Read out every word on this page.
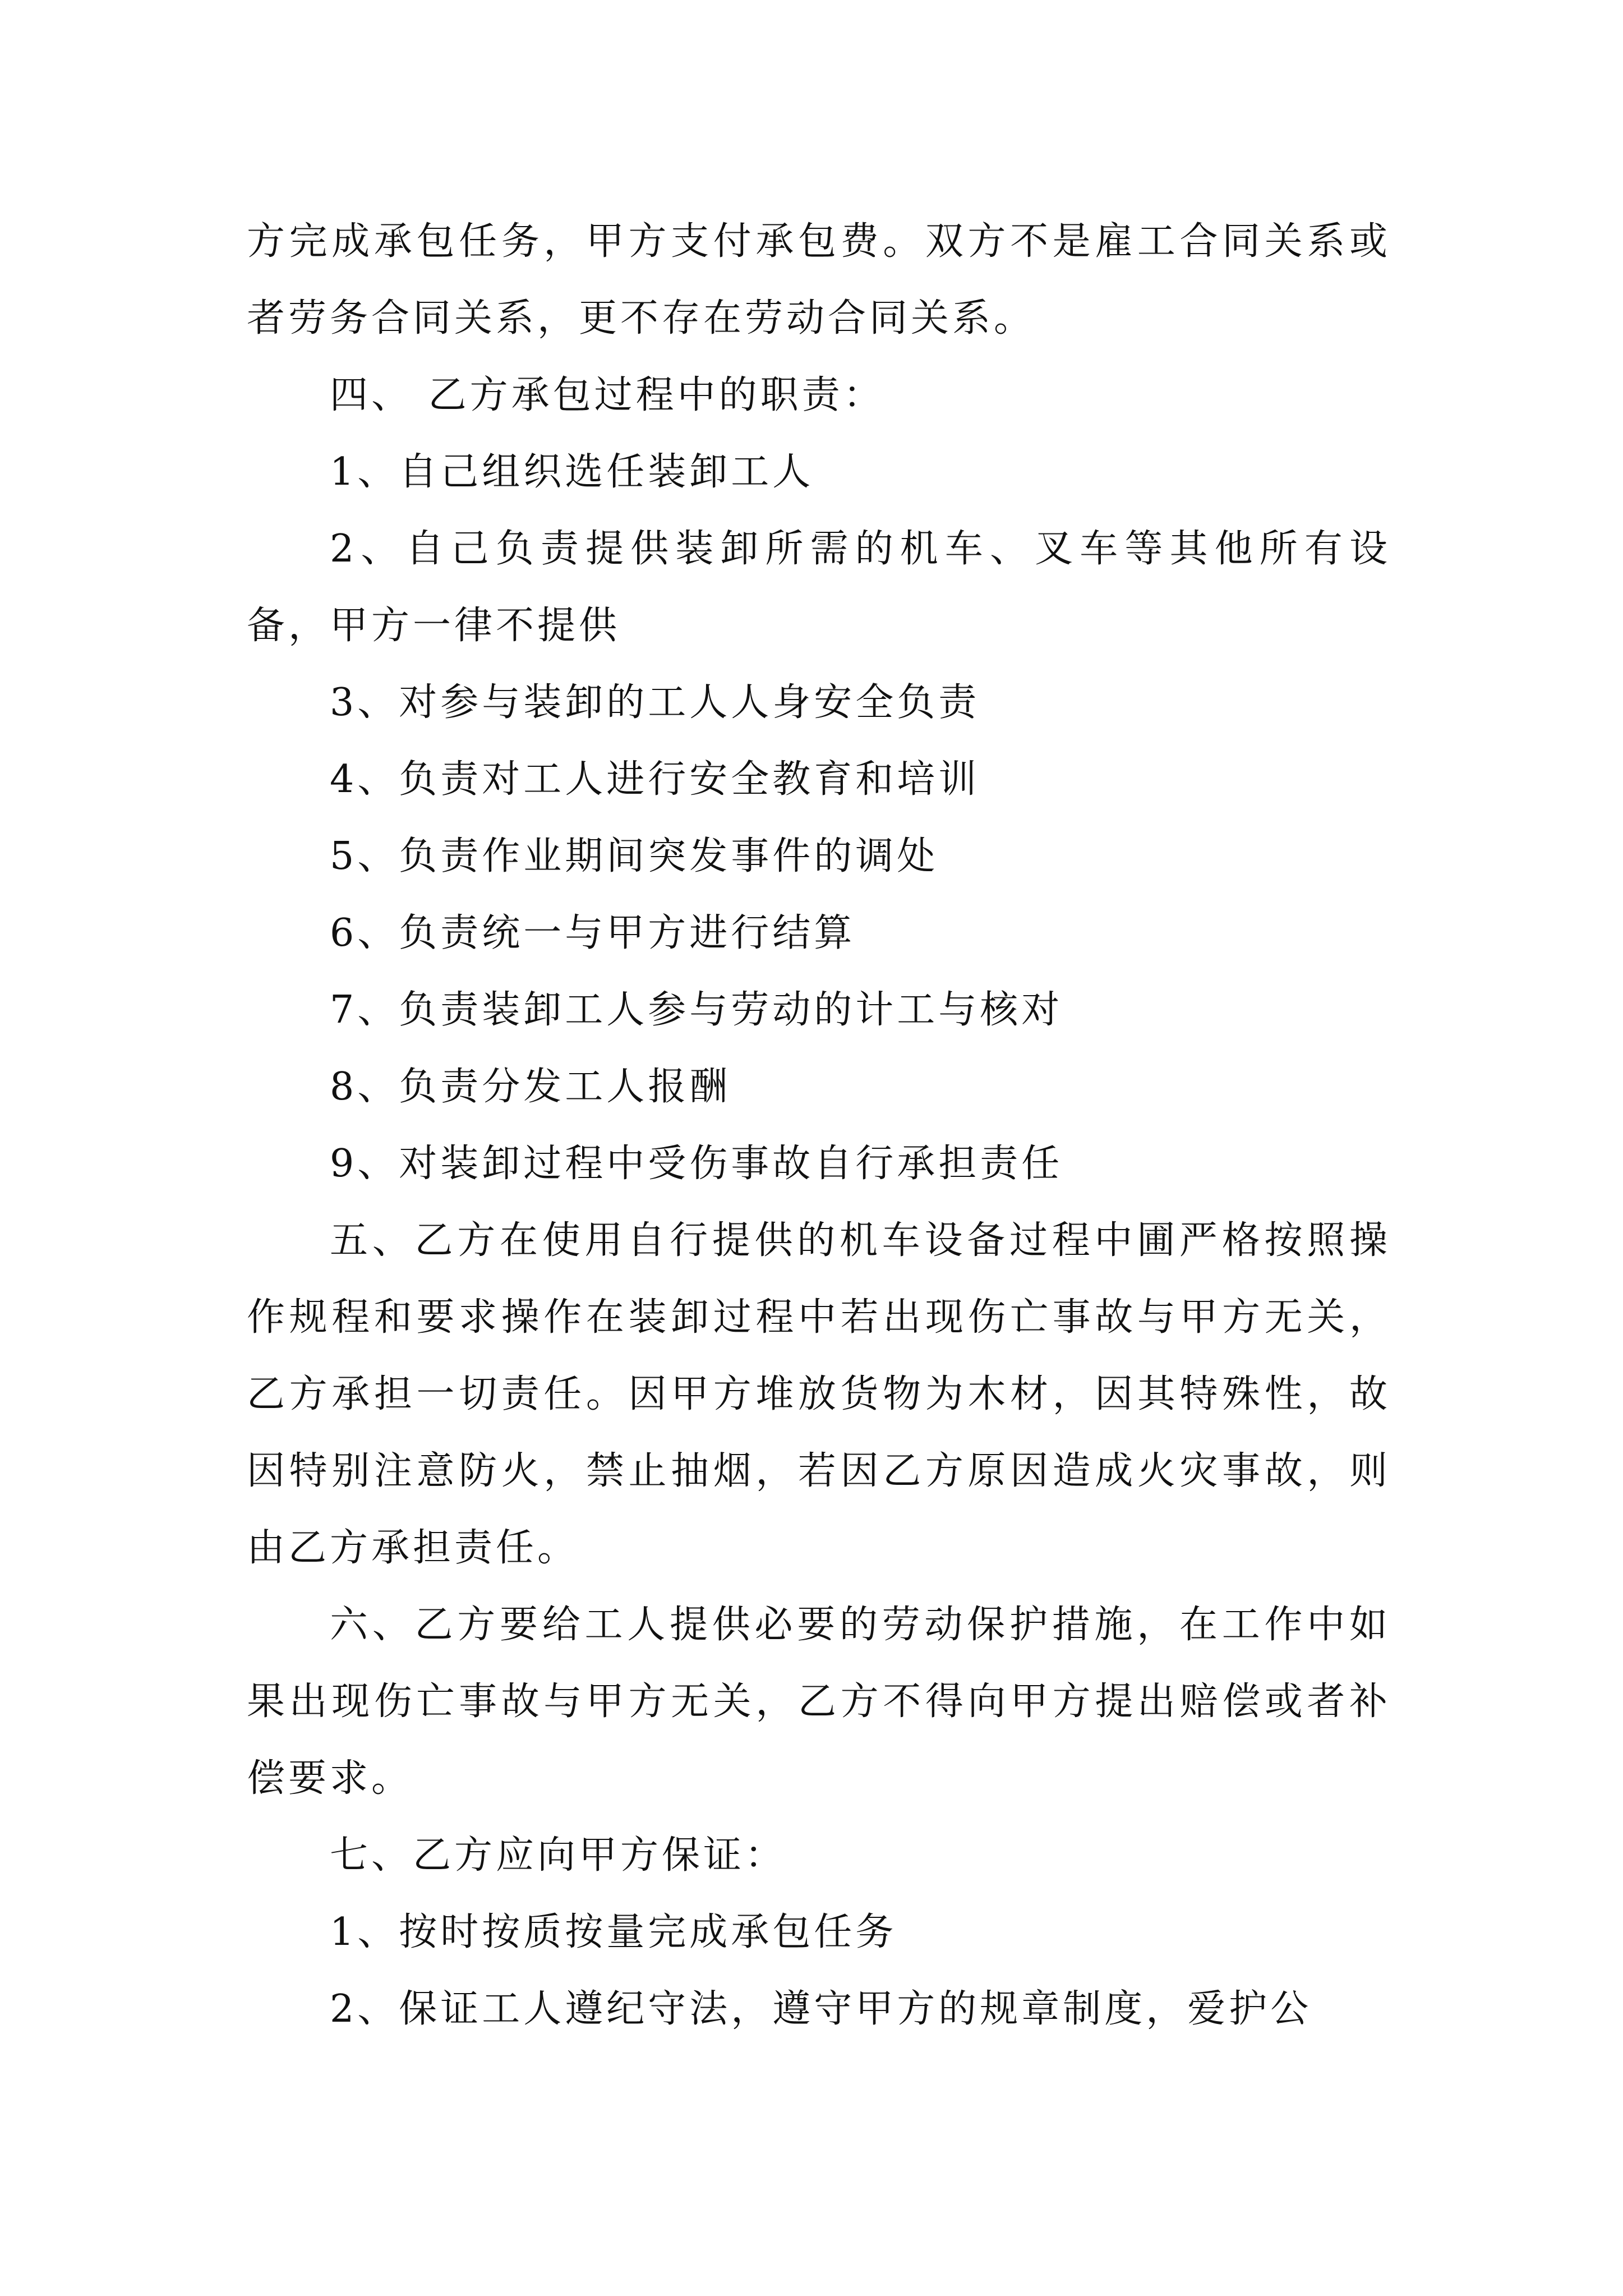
方完成承包任务，甲方支付承包费。双方不是雇工合同关系或者劳务合同关系，更不存在劳动合同关系。

四、 乙方承包过程中的职责：

1、自己组织选任装卸工人

2、自己负责提供装卸所需的机车、叉车等其他所有设备，甲方一律不提供

3、对参与装卸的工人人身安全负责

4、负责对工人进行安全教育和培训

5、负责作业期间突发事件的调处

6、负责统一与甲方进行结算

7、负责装卸工人参与劳动的计工与核对

8、负责分发工人报酬

9、对装卸过程中受伤事故自行承担责任

五、乙方在使用自行提供的机车设备过程中圃严格按照操作规程和要求操作在装卸过程中若出现伤亡事故与甲方无关，乙方承担一切责任。因甲方堆放货物为木材，因其特殊性，故因特别注意防火，禁止抽烟，若因乙方原因造成火灾事故，则由乙方承担责任。

六、乙方要给工人提供必要的劳动保护措施，在工作中如果出现伤亡事故与甲方无关，乙方不得向甲方提出赔偿或者补偿要求。

七、乙方应向甲方保证：

1、按时按质按量完成承包任务

2、保证工人遵纪守法，遵守甲方的规章制度，爱护公
